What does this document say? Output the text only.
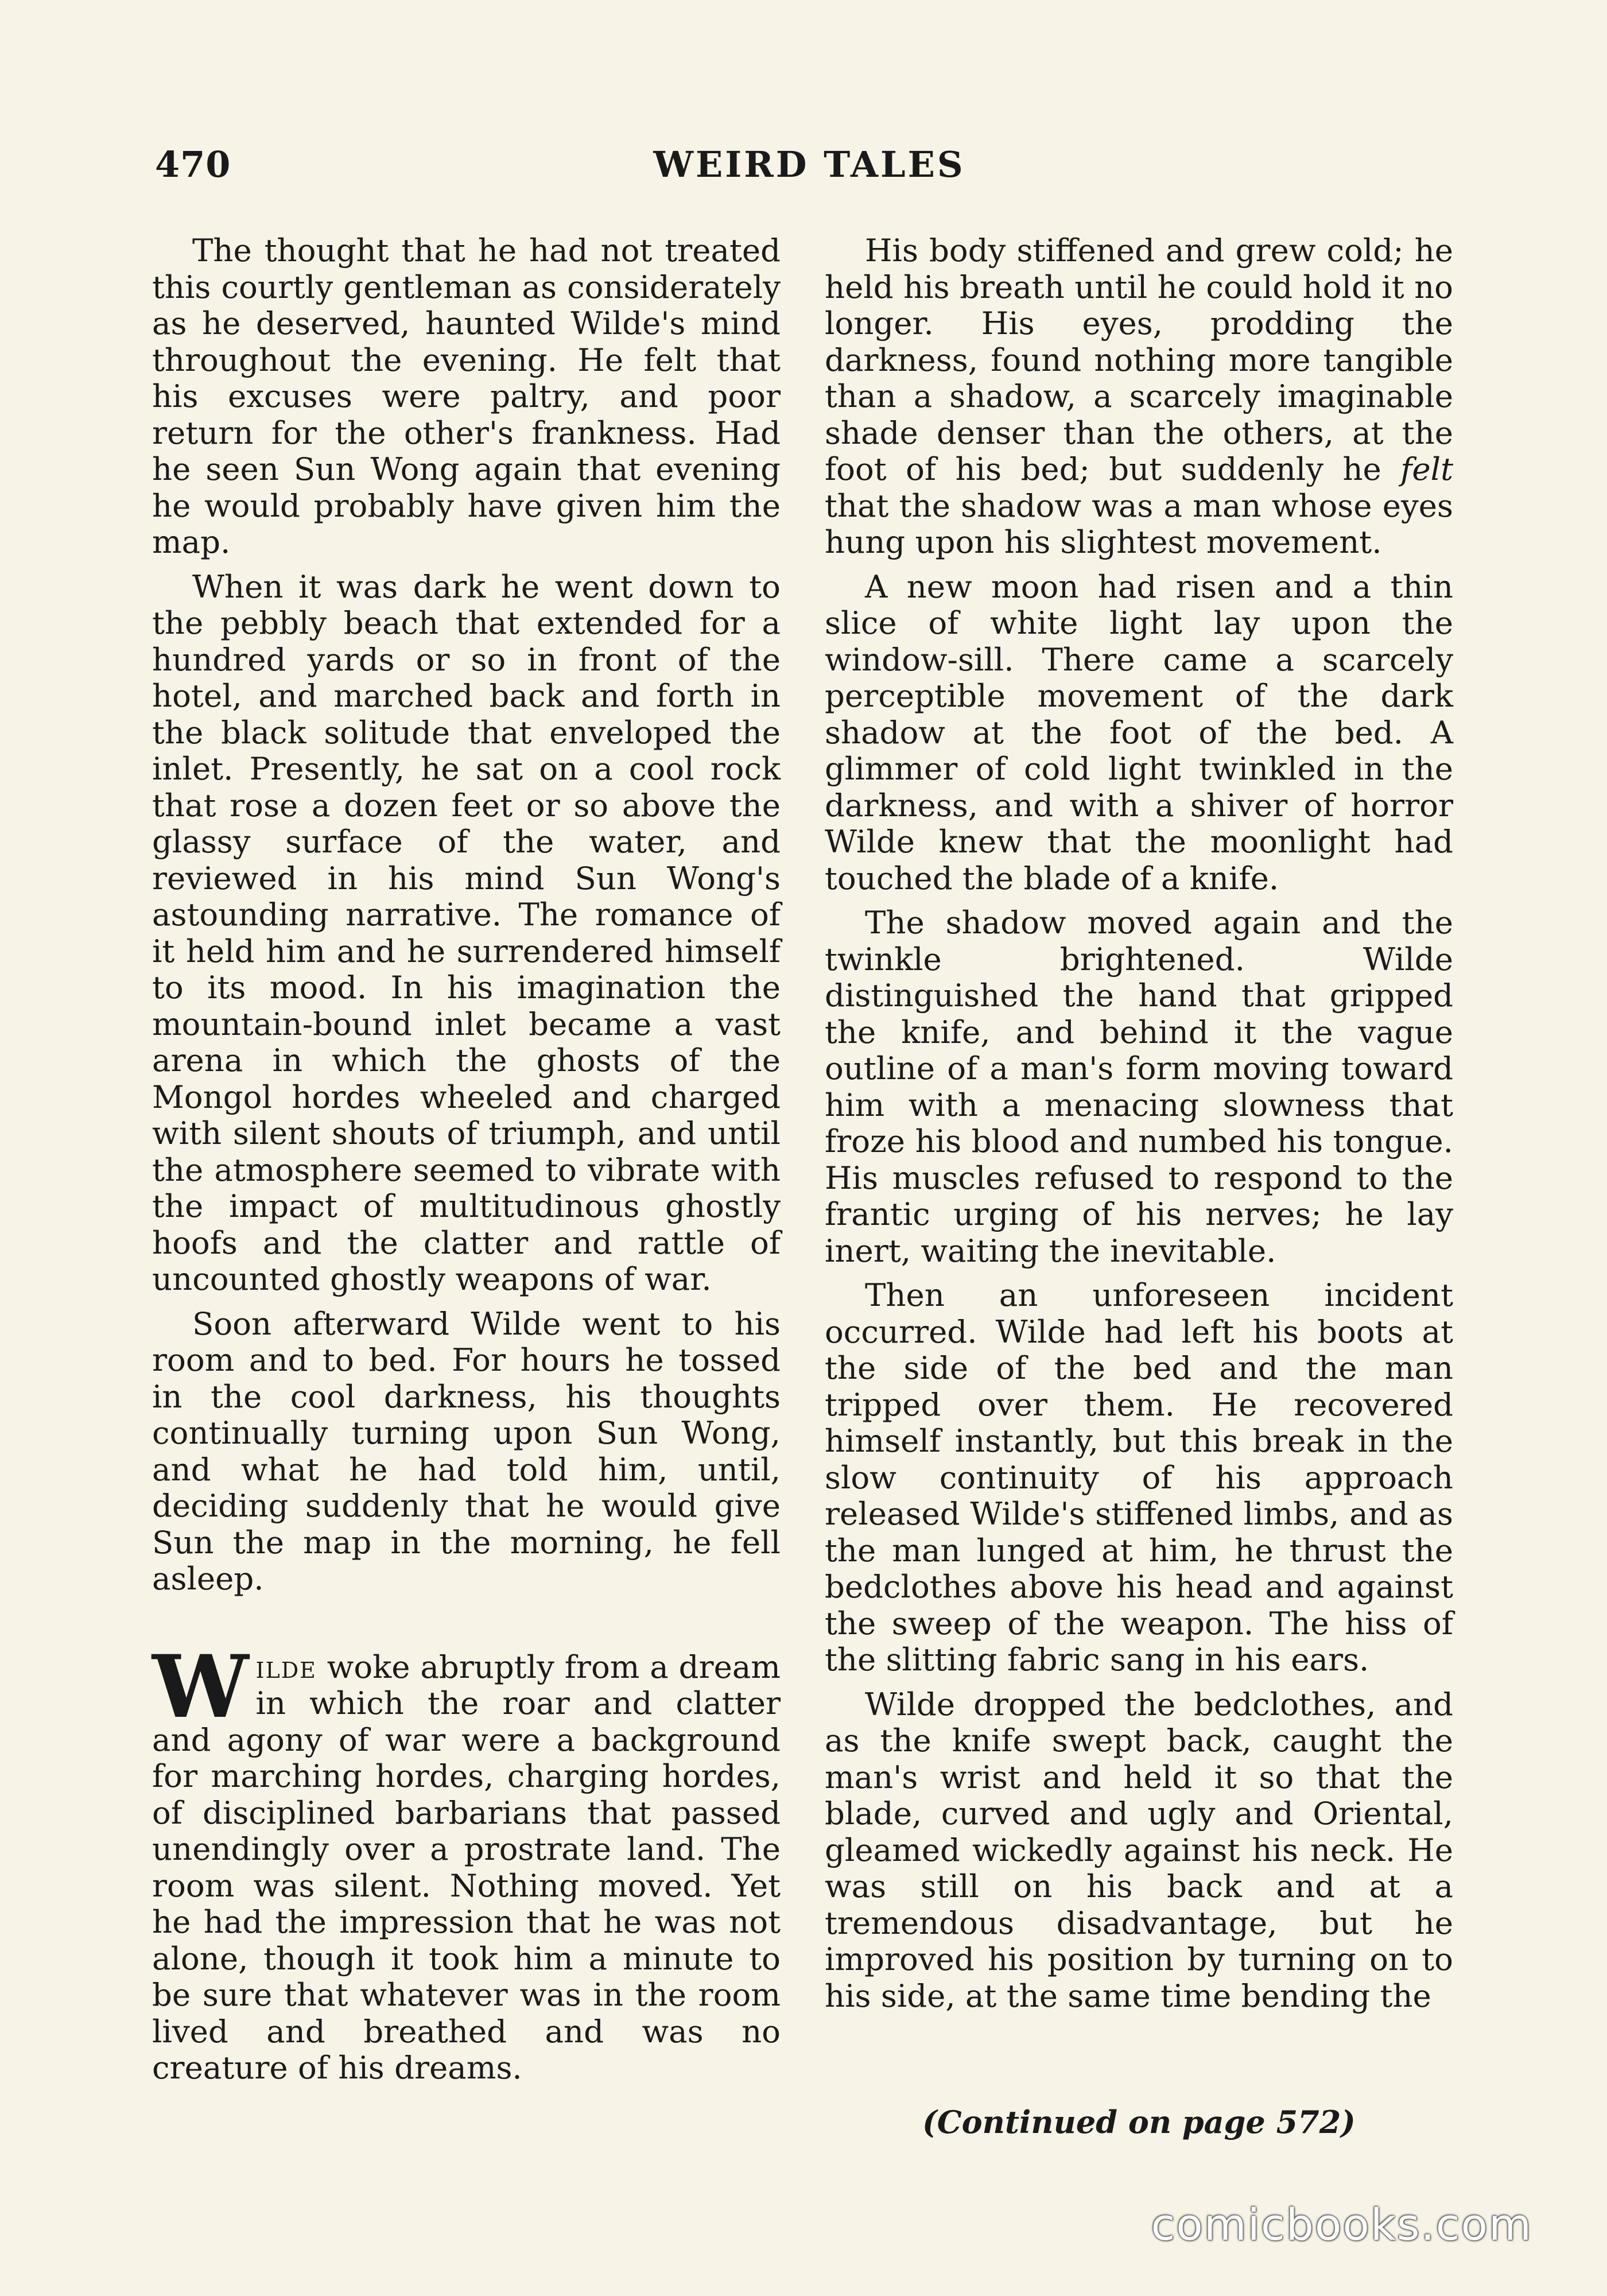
470	WEIRD TALES

The thought that he had not treated this courtly gentleman as considerately as he deserved, haunted Wilde's mind throughout the evening. He felt that his excuses were paltry, and poor return for the other's frankness. Had he seen Sun Wong again that evening he would probably have given him the map.

When it was dark he went down to the pebbly beach that extended for a hundred yards or so in front of the hotel, and marched back and forth in the black solitude that enveloped the inlet. Presently, he sat on a cool rock that rose a dozen feet or so above the glassy surface of the water, and reviewed in his mind Sun Wong's astounding narrative. The romance of it held him and he surrendered himself to its mood. In his imagination the mountain-bound inlet became a vast arena in which the ghosts of the Mongol hordes wheeled and charged with silent shouts of triumph, and until the atmosphere seemed to vibrate with the impact of multitudinous ghostly hoofs and the clatter and rattle of uncounted ghostly weapons of war.

Soon afterward Wilde went to his room and to bed. For hours he tossed in the cool darkness, his thoughts continually turning upon Sun Wong, and what he had told him, until, deciding suddenly that he would give Sun the map in the morning, he fell asleep.

Wilde woke abruptly from a dream in which the roar and clatter and agony of war were a background for marching hordes, charging hordes, of disciplined barbarians that passed unendingly over a prostrate land. The room was silent. Nothing moved. Yet he had the impression that he was not alone, though it took him a minute to be sure that whatever was in the room lived and breathed and was no creature of his dreams.

His body stiffened and grew cold; he held his breath until he could hold it no longer. His eyes, prodding the darkness, found nothing more tangible than a shadow, a scarcely imaginable shade denser than the others, at the foot of his bed; but suddenly he felt that the shadow was a man whose eyes hung upon his slightest movement.

A new moon had risen and a thin slice of white light lay upon the window-sill. There came a scarcely perceptible movement of the dark shadow at the foot of the bed. A glimmer of cold light twinkled in the darkness, and with a shiver of horror Wilde knew that the moonlight had touched the blade of a knife.

The shadow moved again and the twinkle brightened. Wilde distinguished the hand that gripped the knife, and behind it the vague outline of a man's form moving toward him with a menacing slowness that froze his blood and numbed his tongue. His muscles refused to respond to the frantic urging of his nerves; he lay inert, waiting the inevitable.

Then an unforeseen incident occurred. Wilde had left his boots at the side of the bed and the man tripped over them. He recovered himself instantly, but this break in the slow continuity of his approach released Wilde's stiffened limbs, and as the man lunged at him, he thrust the bedclothes above his head and against the sweep of the weapon. The hiss of the slitting fabric sang in his ears.

Wilde dropped the bedclothes, and as the knife swept back, caught the man's wrist and held it so that the blade, curved and ugly and Oriental, gleamed wickedly against his neck. He was still on his back and at a tremendous disadvantage, but he improved his position by turning on to his side, at the same time bending the

(Continued on page 572)
comicbooks.com
